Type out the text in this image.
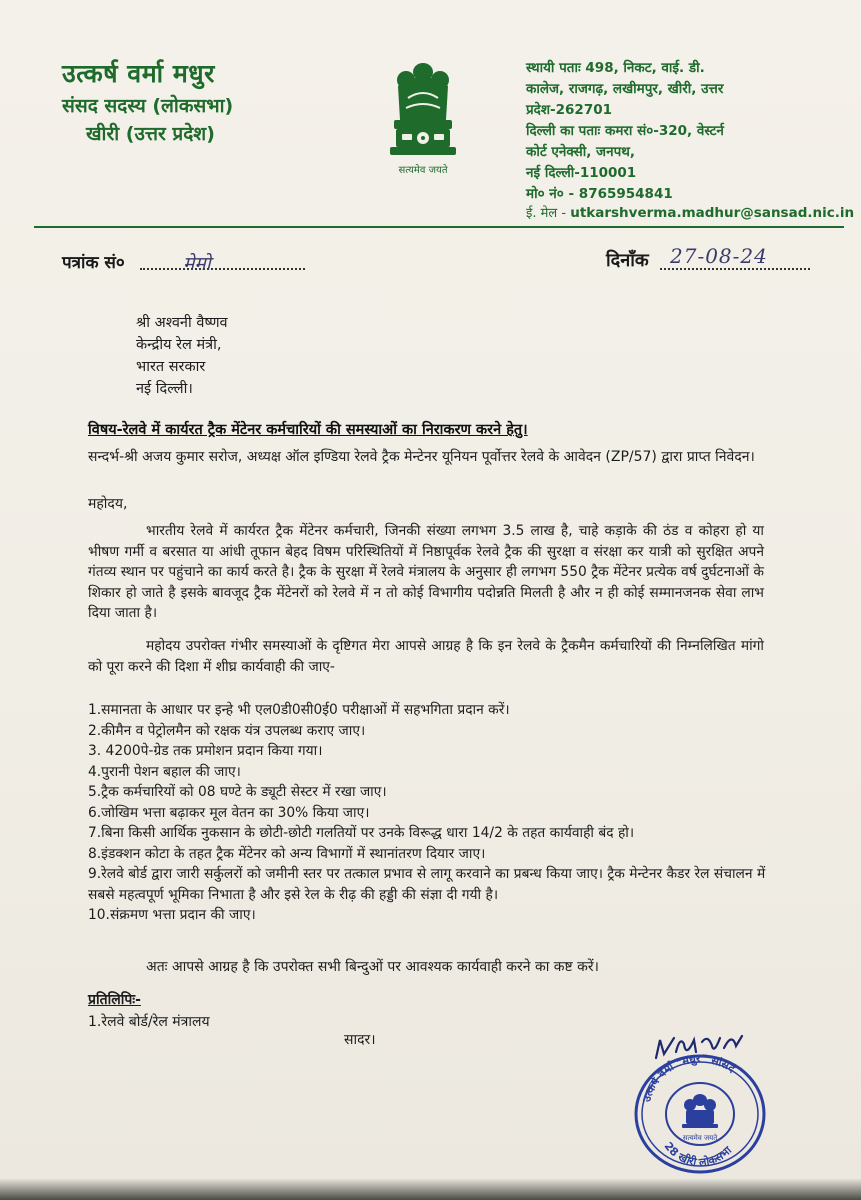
उत्कर्ष वर्मा मधुर
संसद सदस्य (लोकसभा)
खीरी (उत्तर प्रदेश)
सत्यमेव जयते
स्थायी पताः 498, निकट, वाई. डी.
कालेज, राजगढ़, लखीमपुर, खीरी, उत्तर
प्रदेश-262701
दिल्ली का पताः कमरा सं०-320, वेस्टर्न
कोर्ट एनेक्सी, जनपथ,
नई दिल्ली-110001
मो० नं० - 8765954841
ई. मेल - utkarshverma.madhur@sansad.nic.in
पत्रांक सं०	मेमो	दिनाँक 27-08-24
श्री अश्वनी वैष्णव
केन्द्रीय रेल मंत्री,
भारत सरकार
नई दिल्ली।
विषय-रेलवे में कार्यरत ट्रैक मेंटेनर कर्मचारियों की समस्याओं का निराकरण करने हेतु।
सन्दर्भ-श्री अजय कुमार सरोज, अध्यक्ष ऑल इण्डिया रेलवे ट्रैक मेन्टेनर यूनियन पूर्वोत्तर रेलवे के आवेदन (ZP/57) द्वारा प्राप्त निवेदन।
महोदय,
भारतीय रेलवे में कार्यरत ट्रैक मेंटेनर कर्मचारी, जिनकी संख्या लगभग 3.5 लाख है, चाहे कड़ाके की ठंड व कोहरा हो या भीषण गर्मी व बरसात या आंधी तूफान बेहद विषम परिस्थितियों में निष्ठापूर्वक रेलवे ट्रैक की सुरक्षा व संरक्षा कर यात्री को सुरक्षित अपने गंतव्य स्थान पर पहुंचाने का कार्य करते है। ट्रैक के सुरक्षा में रेलवे मंत्रालय के अनुसार ही लगभग 550 ट्रैक मेंटेनर प्रत्येक वर्ष दुर्घटनाओं के शिकार हो जाते है इसके बावजूद ट्रैक मेंटेनरों को रेलवे में न तो कोई विभागीय पदोन्नति मिलती है और न ही कोई सम्मानजनक सेवा लाभ दिया जाता है।
महोदय उपरोक्त गंभीर समस्याओं के दृष्टिगत मेरा आपसे आग्रह है कि इन रेलवे के ट्रैकमैन कर्मचारियों की निम्नलिखित मांगो को पूरा करने की दिशा में शीघ्र कार्यवाही की जाए-
1.समानता के आधार पर इन्हे भी एल0डी0सी0ई0 परीक्षाओं में सहभगिता प्रदान करें।
2.कीमैन व पेट्रोलमैन को रक्षक यंत्र उपलब्ध कराए जाए।
3. 4200पे-ग्रेड तक प्रमोशन प्रदान किया गया।
4.पुरानी पेशन बहाल की जाए।
5.ट्रैक कर्मचारियों को 08 घण्टे के ड्यूटी सेस्टर में रखा जाए।
6.जोखिम भत्ता बढ़ाकर मूल वेतन का 30% किया जाए।
7.बिना किसी आर्थिक नुकसान के छोटी-छोटी गलतियों पर उनके विरूद्ध धारा 14/2 के तहत कार्यवाही बंद हो।
8.इंडक्शन कोटा के तहत ट्रैक मेंटेनर को अन्य विभागों में स्थानांतरण दियार जाए।
9.रेलवे बोर्ड द्वारा जारी सर्कुलरों को जमीनी स्तर पर तत्काल प्रभाव से लागू करवाने का प्रबन्ध किया जाए। ट्रैक मेन्टेनर कैडर रेल संचालन में सबसे महत्वपूर्ण भूमिका निभाता है और इसे रेल के रीढ़ की हड्डी की संज्ञा दी गयी है।
10.संक्रमण भत्ता प्रदान की जाए।
अतः आपसे आग्रह है कि उपरोक्त सभी बिन्दुओं पर आवश्यक कार्यवाही करने का कष्ट करें।
प्रतिलिपिः-
1.रेलवे बोर्ड/रेल मंत्रालय
सादर।
उत्कर्ष वर्मा "मधुर" सांसद
28 खीरी लोकसभा
सत्यमेव जयते
